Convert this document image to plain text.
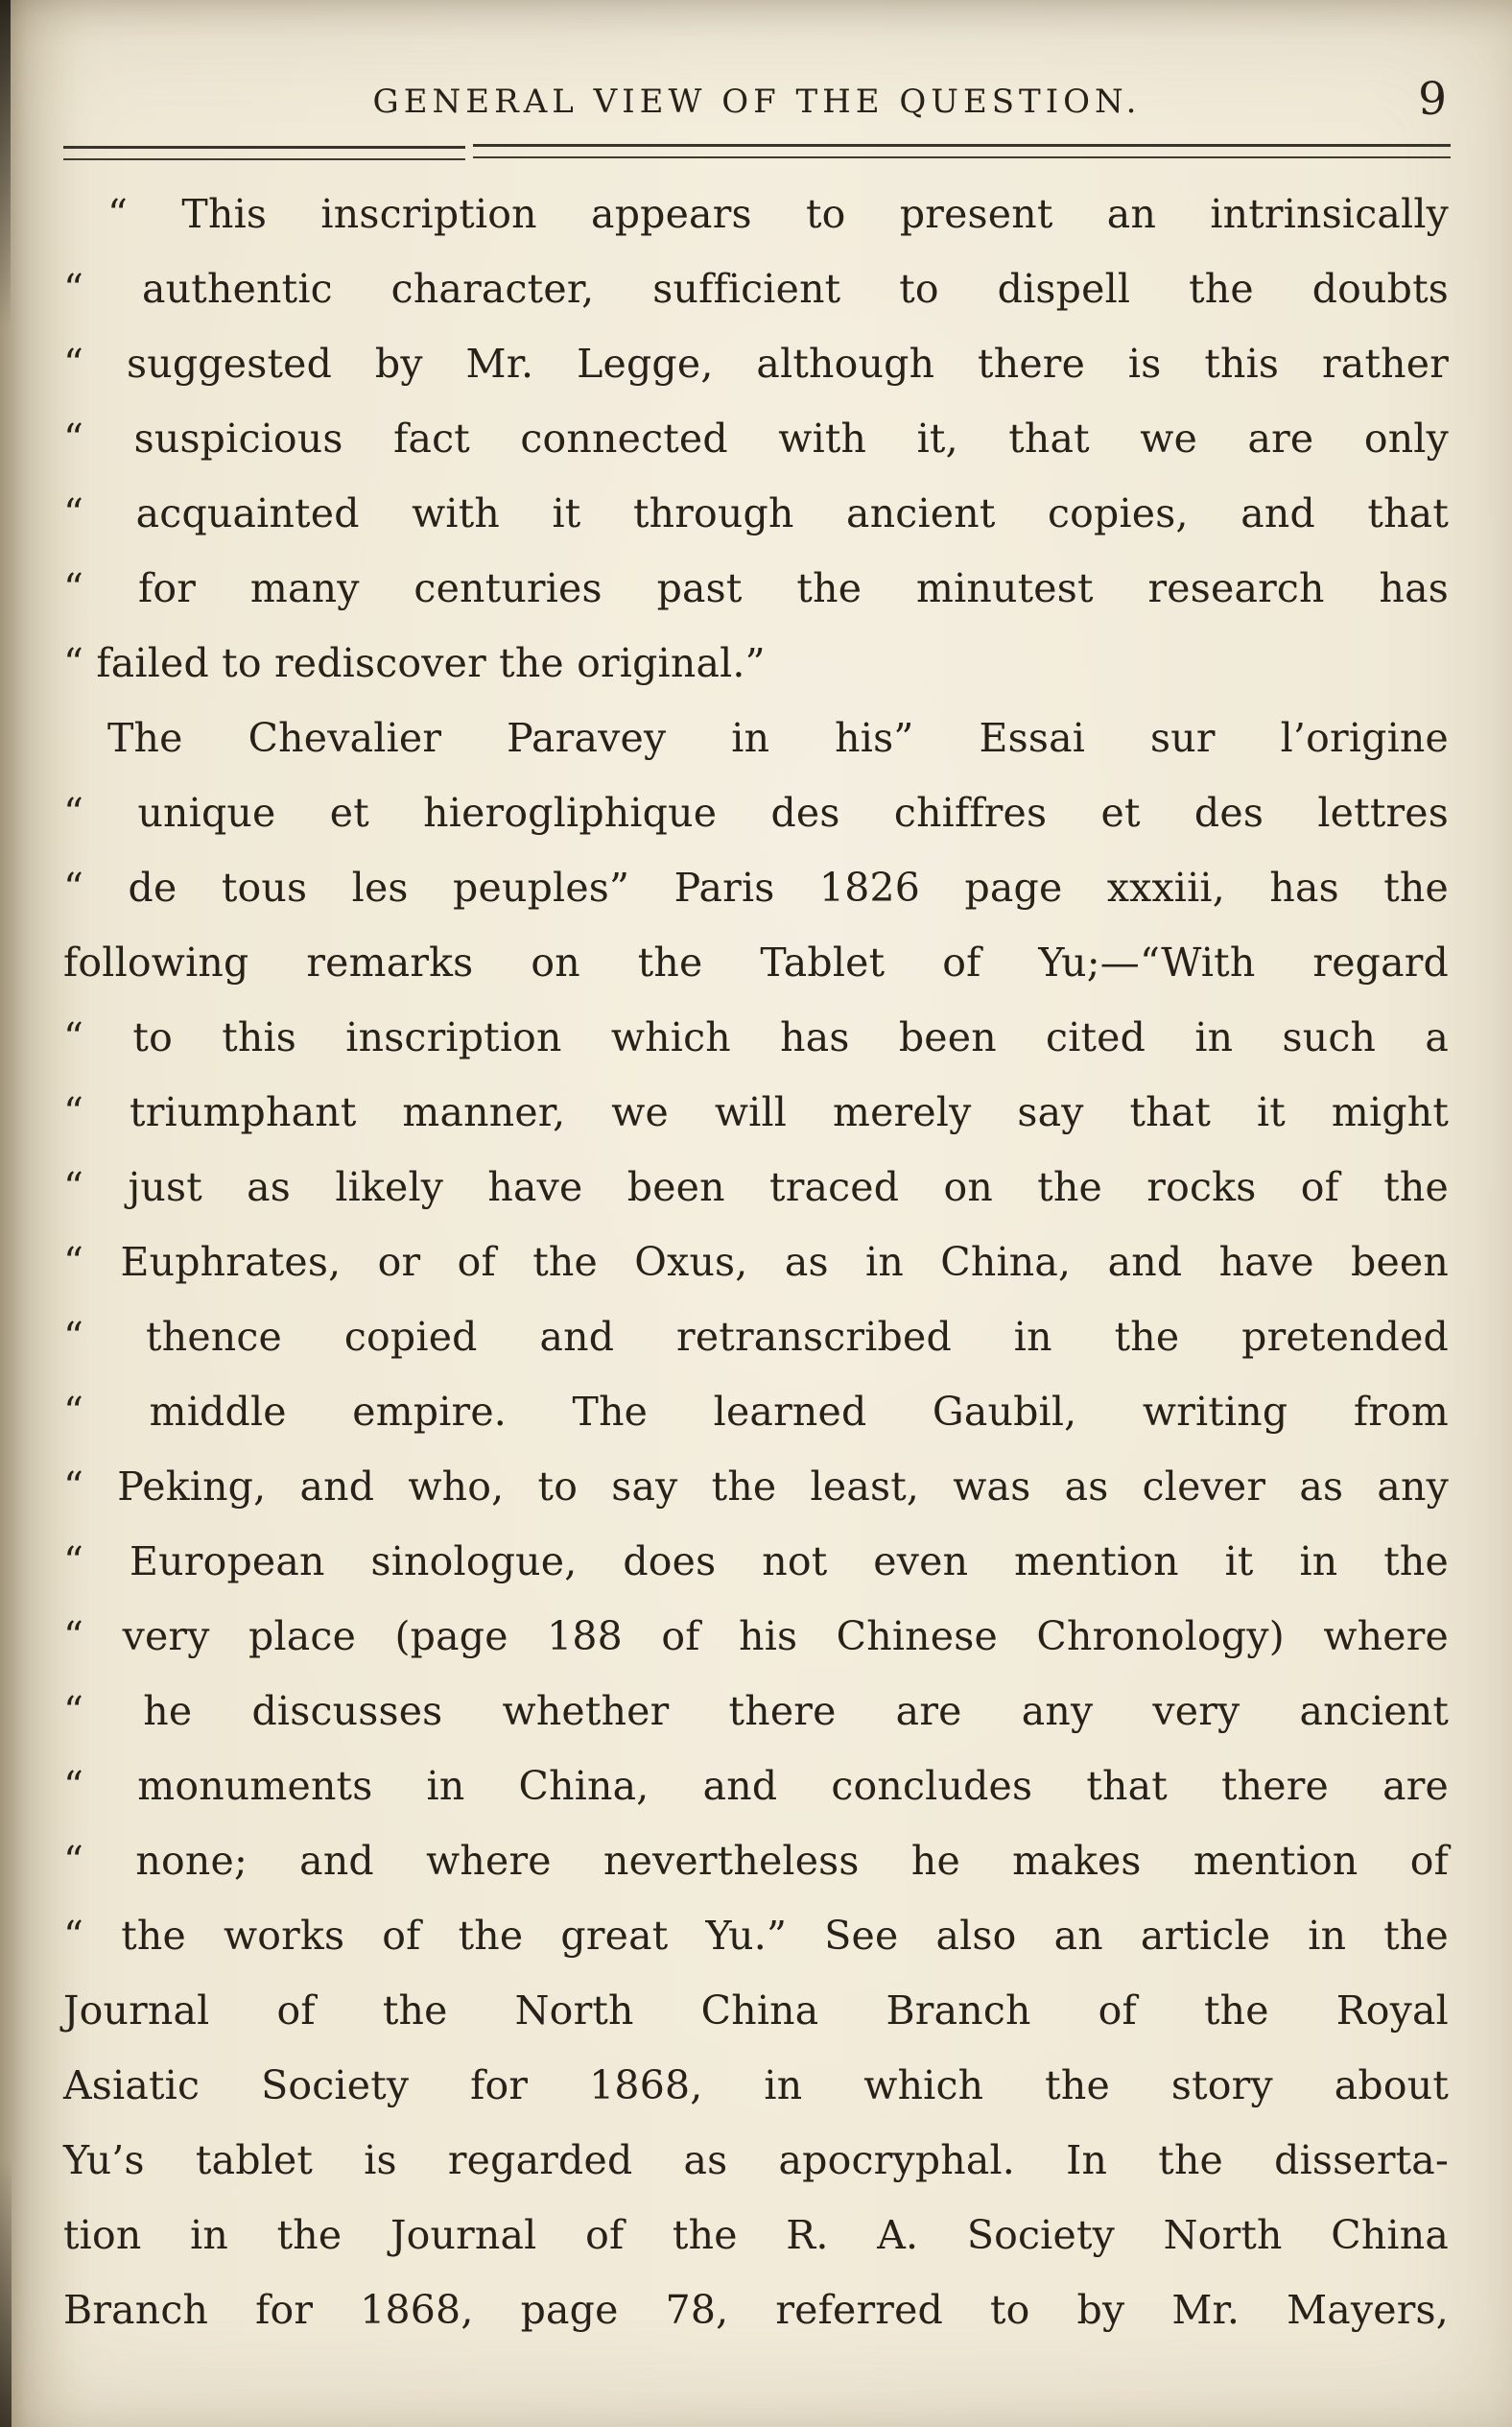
GENERAL VIEW OF THE QUESTION.	9
“ This inscription appears to present an intrinsically
“ authentic character, sufficient to dispell the doubts
“ suggested by Mr. Legge, although there is this rather
“ suspicious fact connected with it, that we are only
“ acquainted with it through ancient copies, and that
“ for many centuries past the minutest research has
“ failed to rediscover the original.”
The Chevalier Paravey in his” Essai sur l’origine
“ unique et hierogliphique des chiffres et des lettres
“ de tous les peuples” Paris 1826 page xxxiii, has the
following remarks on the Tablet of Yu;—“With regard
“ to this inscription which has been cited in such a
“ triumphant manner, we will merely say that it might
“ just as likely have been traced on the rocks of the
“ Euphrates, or of the Oxus, as in China, and have been
“ thence copied and retranscribed in the pretended
“ middle empire. The learned Gaubil, writing from
“ Peking, and who, to say the least, was as clever as any
“ European sinologue, does not even mention it in the
“ very place (page 188 of his Chinese Chronology) where
“ he discusses whether there are any very ancient
“ monuments in China, and concludes that there are
“ none; and where nevertheless he makes mention of
“ the works of the great Yu.” See also an article in the
Journal of the North China Branch of the Royal
Asiatic Society for 1868, in which the story about
Yu’s tablet is regarded as apocryphal. In the disserta-
tion in the Journal of the R. A. Society North China
Branch for 1868, page 78, referred to by Mr. Mayers,
